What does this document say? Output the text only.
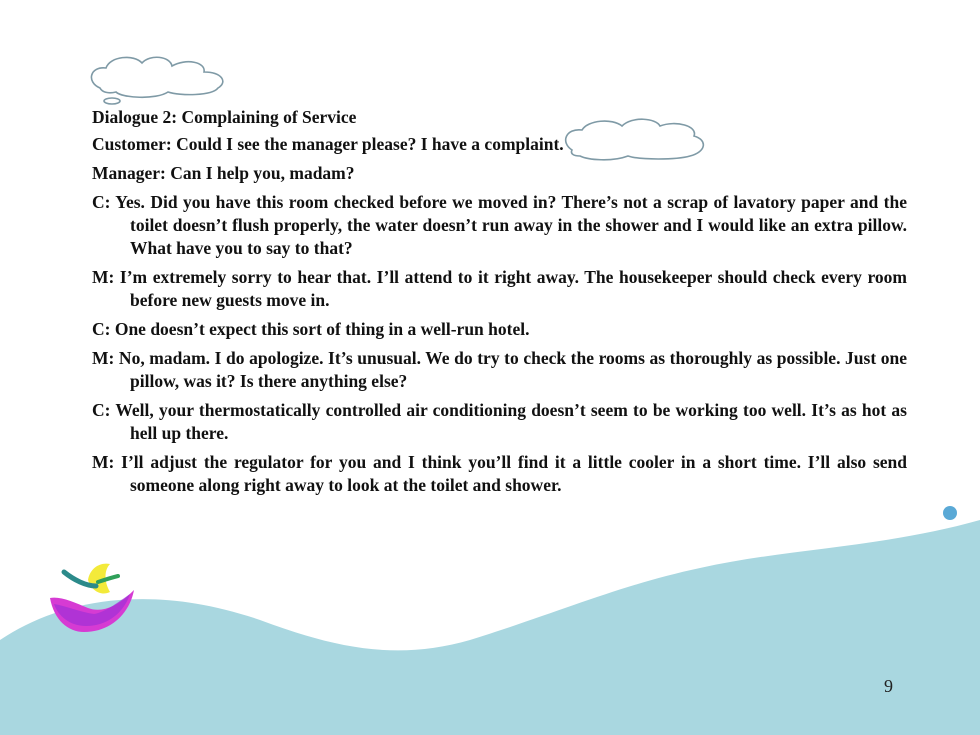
Dialogue 2: Complaining of Service

Customer: Could I see the manager please? I have a complaint.

Manager: Can I help you, madam?

C: Yes. Did you have this room checked before we moved in? There’s not a scrap of lavatory paper and the toilet doesn’t flush properly, the water doesn’t run away in the shower and I would like an extra pillow. What have you to say to that?

M: I’m extremely sorry to hear that. I’ll attend to it right away. The housekeeper should check every room before new guests move in.

C: One doesn’t expect this sort of thing in a well-run hotel.

M: No, madam. I do apologize. It’s unusual. We do try to check the rooms as thoroughly as possible. Just one pillow, was it? Is there anything else?

C: Well, your thermostatically controlled air conditioning doesn’t seem to be working too well. It’s as hot as hell up there.

M: I’ll adjust the regulator for you and I think you’ll find it a little cooler in a short time. I’ll also send someone along right away to look at the toilet and shower.

9
